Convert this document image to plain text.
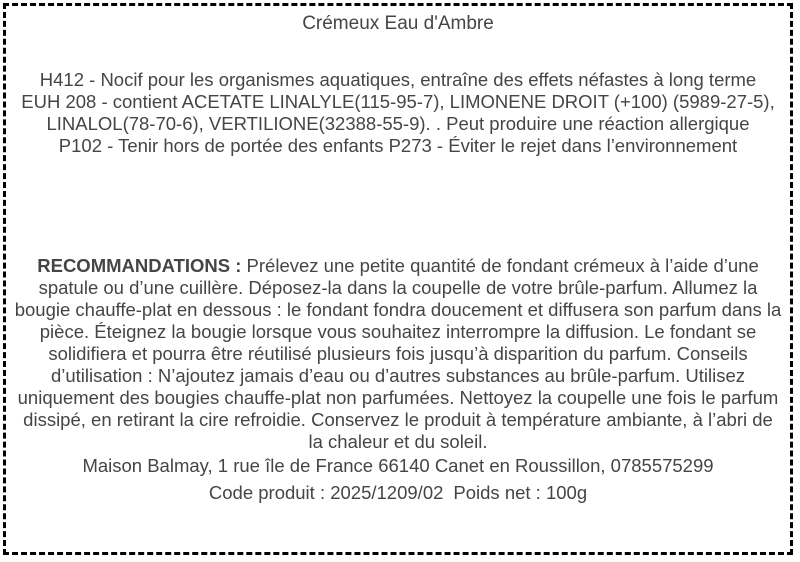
Crémeux Eau d'Ambre

H412 - Nocif pour les organismes aquatiques, entraîne des effets néfastes à long terme

EUH 208 - contient ACETATE LINALYLE(115-95-7), LIMONENE DROIT (+100) (5989-27-5), LINALOL(78-70-6), VERTILIONE(32388-55-9). . Peut produire une réaction allergique

P102 - Tenir hors de portée des enfants P273 - Éviter le rejet dans l’environnement

RECOMMANDATIONS : Prélevez une petite quantité de fondant crémeux à l’aide d’une spatule ou d’une cuillère. Déposez-la dans la coupelle de votre brûle-parfum. Allumez la bougie chauffe-plat en dessous : le fondant fondra doucement et diffusera son parfum dans la pièce. Éteignez la bougie lorsque vous souhaitez interrompre la diffusion. Le fondant se solidifiera et pourra être réutilisé plusieurs fois jusqu’à disparition du parfum. Conseils d’utilisation : N’ajoutez jamais d’eau ou d’autres substances au brûle-parfum. Utilisez uniquement des bougies chauffe-plat non parfumées. Nettoyez la coupelle une fois le parfum dissipé, en retirant la cire refroidie. Conservez le produit à température ambiante, à l’abri de la chaleur et du soleil.

Maison Balmay, 1 rue île de France 66140 Canet en Roussillon, 0785575299

Code produit : 2025/1209/02 Poids net : 100g
